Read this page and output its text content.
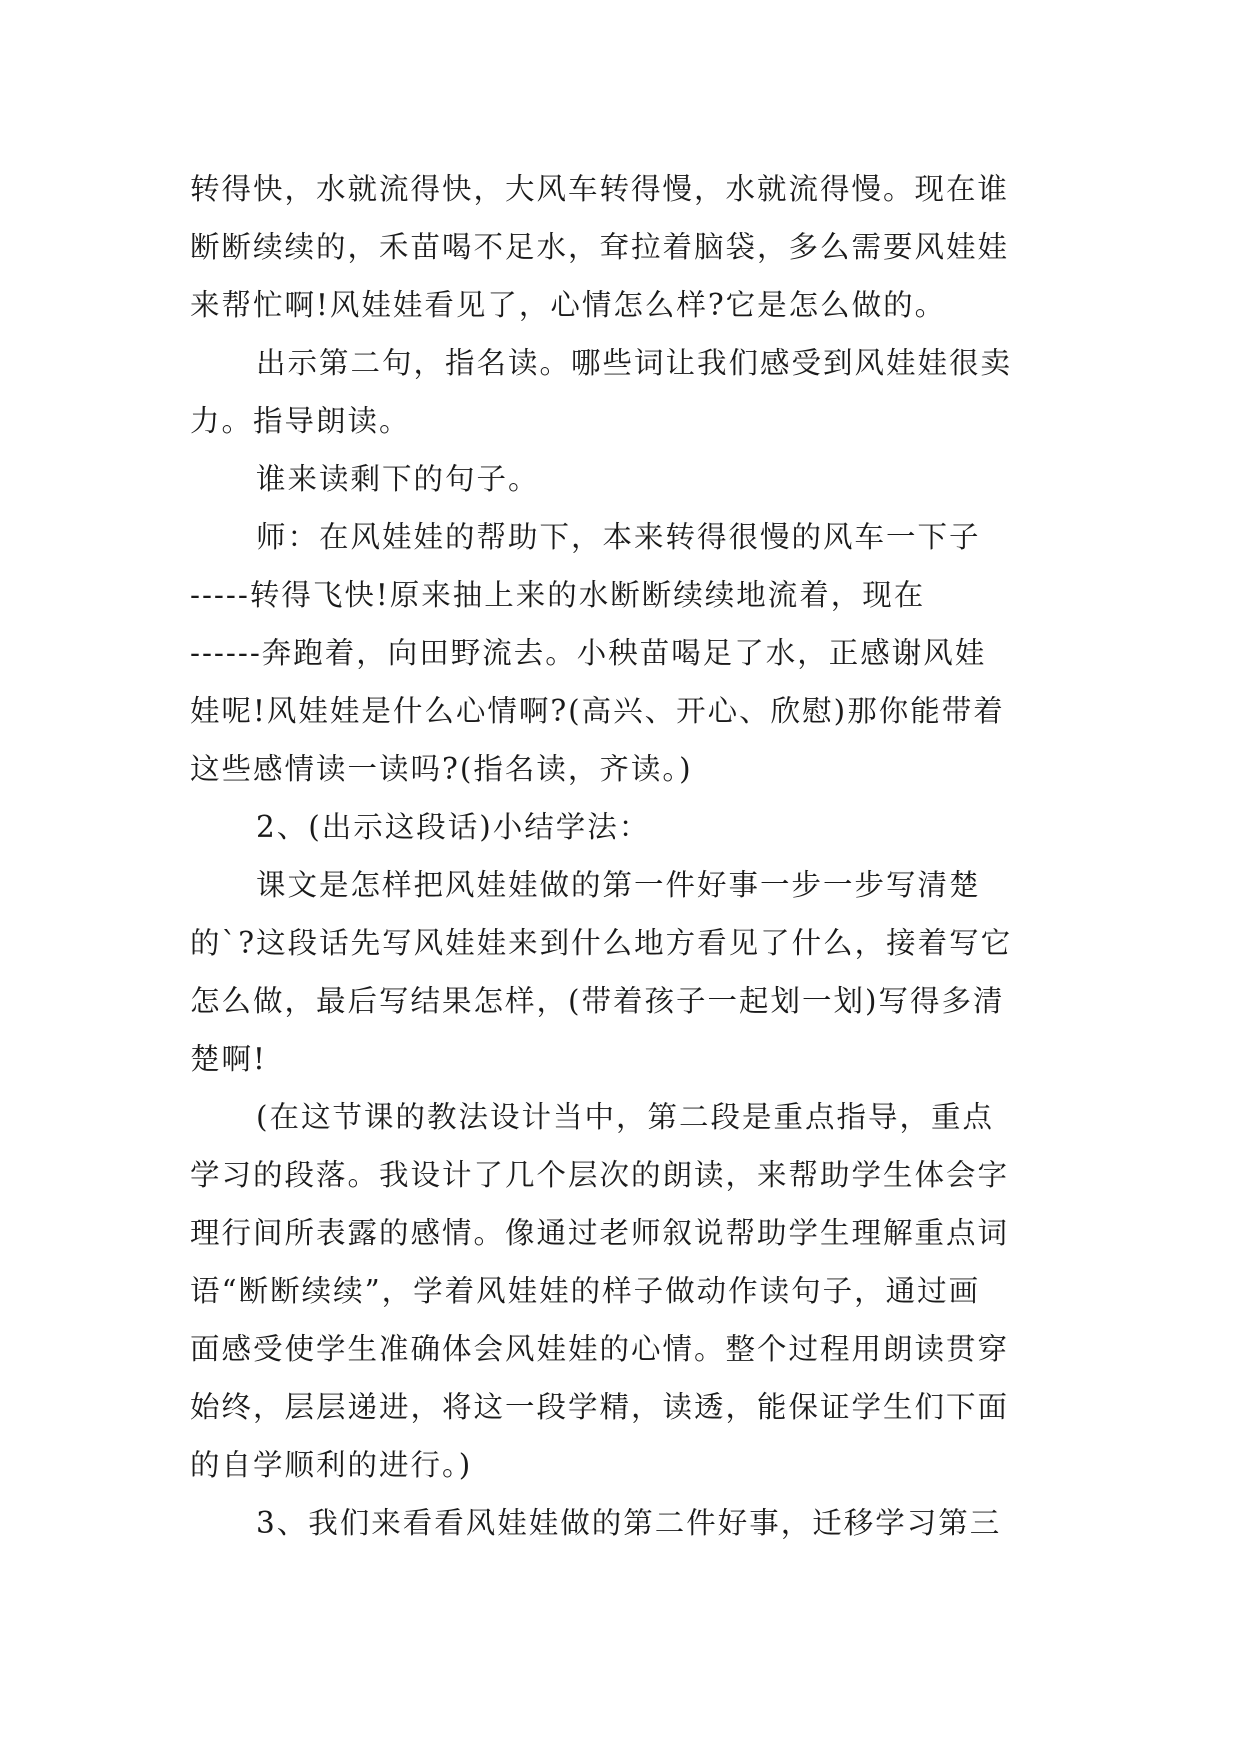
转得快，水就流得快，大风车转得慢，水就流得慢。现在谁
断断续续的，禾苗喝不足水，耷拉着脑袋，多么需要风娃娃
来帮忙啊!风娃娃看见了，心情怎么样?它是怎么做的。
出示第二句，指名读。哪些词让我们感受到风娃娃很卖
力。指导朗读。
谁来读剩下的句子。
师：在风娃娃的帮助下，本来转得很慢的风车一下子
-----转得飞快!原来抽上来的水断断续续地流着，现在
------奔跑着，向田野流去。小秧苗喝足了水，正感谢风娃
娃呢!风娃娃是什么心情啊?(高兴、开心、欣慰)那你能带着
这些感情读一读吗?(指名读，齐读。)
2、(出示这段话)小结学法：
课文是怎样把风娃娃做的第一件好事一步一步写清楚
的`?这段话先写风娃娃来到什么地方看见了什么，接着写它
怎么做，最后写结果怎样，(带着孩子一起划一划)写得多清
楚啊!
(在这节课的教法设计当中，第二段是重点指导，重点
学习的段落。我设计了几个层次的朗读，来帮助学生体会字
理行间所表露的感情。像通过老师叙说帮助学生理解重点词
语“断断续续”，学着风娃娃的样子做动作读句子，通过画
面感受使学生准确体会风娃娃的心情。整个过程用朗读贯穿
始终，层层递进，将这一段学精，读透，能保证学生们下面
的自学顺利的进行。)
3、我们来看看风娃娃做的第二件好事，迁移学习第三
